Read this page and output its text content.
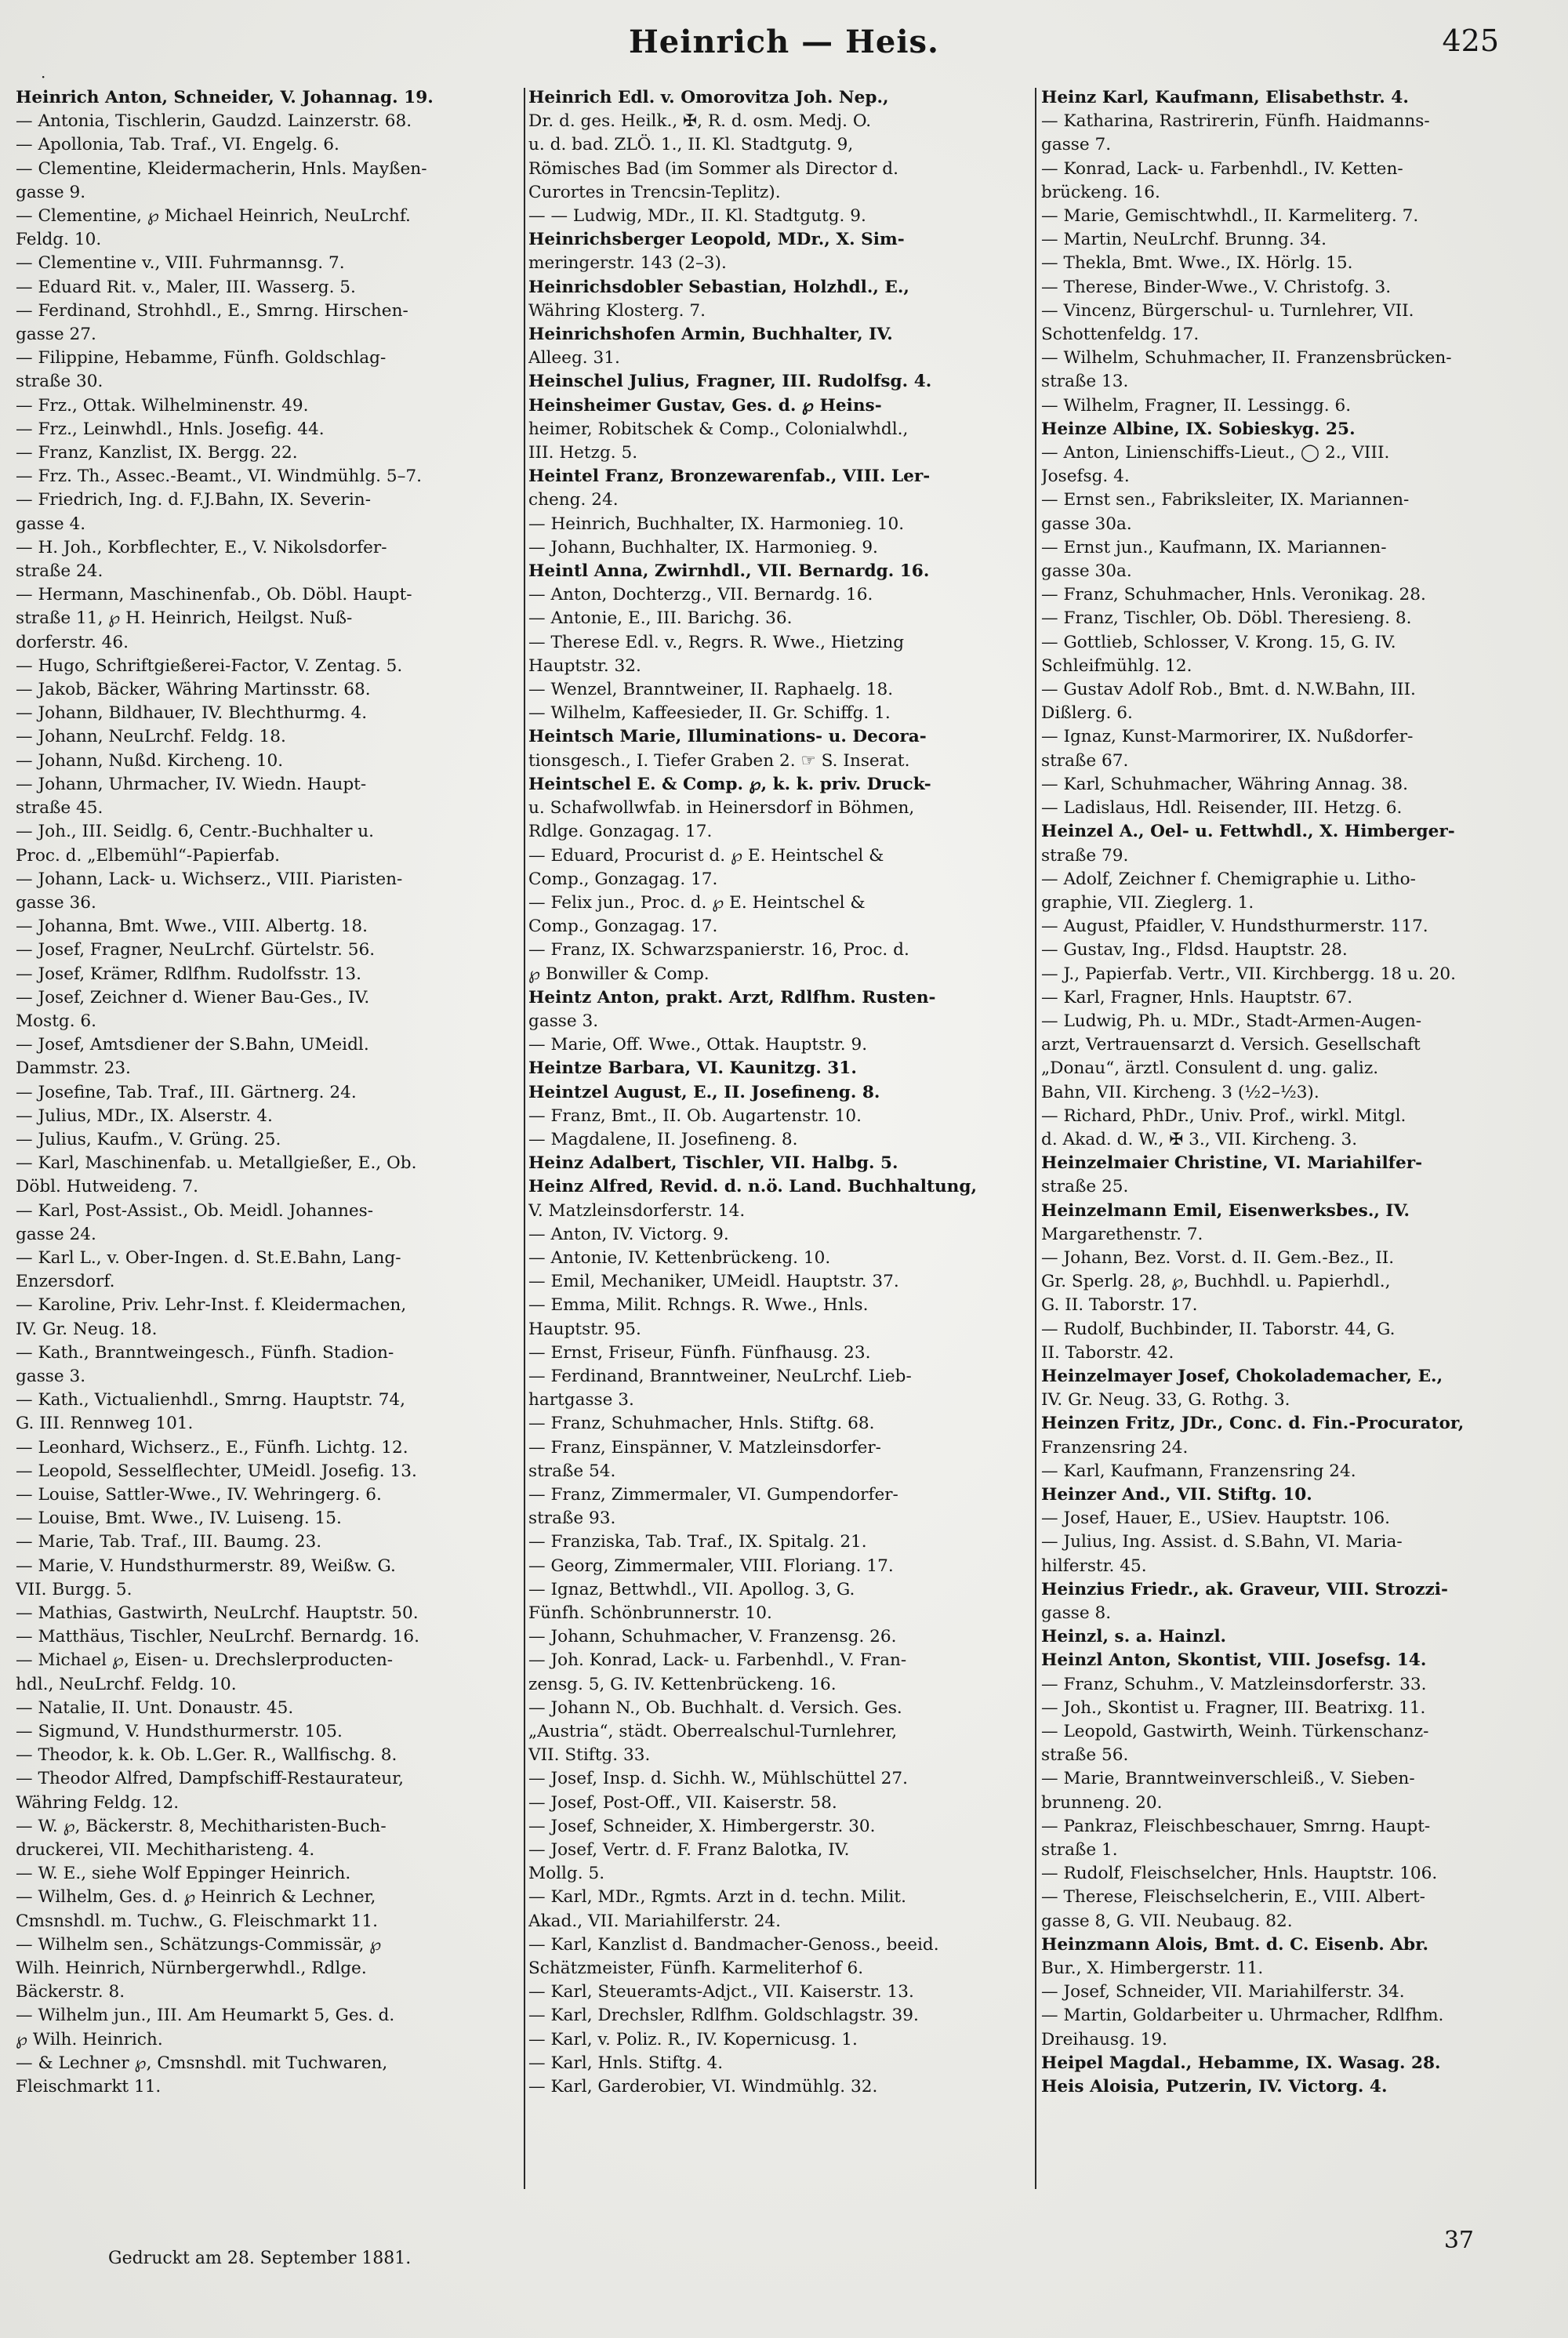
·
Heinrich — Heis.	425
Heinrich Anton, Schneider, V. Johannag. 19.
— Antonia, Tischlerin, Gaudzd. Lainzerstr. 68.
— Apollonia, Tab. Traf., VI. Engelg. 6.
— Clementine, Kleidermacherin, Hnls. Mayßen-
gasse 9.
— Clementine, ℘ Michael Heinrich, NeuLrchf.
Feldg. 10.
— Clementine v., VIII. Fuhrmannsg. 7.
— Eduard Rit. v., Maler, III. Wasserg. 5.
— Ferdinand, Strohhdl., E., Smrng. Hirschen-
gasse 27.
— Filippine, Hebamme, Fünfh. Goldschlag-
straße 30.
— Frz., Ottak. Wilhelminenstr. 49.
— Frz., Leinwhdl., Hnls. Josefig. 44.
— Franz, Kanzlist, IX. Bergg. 22.
— Frz. Th., Assec.-Beamt., VI. Windmühlg. 5–7.
— Friedrich, Ing. d. F.J.Bahn, IX. Severin-
gasse 4.
— H. Joh., Korbflechter, E., V. Nikolsdorfer-
straße 24.
— Hermann, Maschinenfab., Ob. Döbl. Haupt-
straße 11, ℘ H. Heinrich, Heilgst. Nuß-
dorferstr. 46.
— Hugo, Schriftgießerei-Factor, V. Zentag. 5.
— Jakob, Bäcker, Währing Martinsstr. 68.
— Johann, Bildhauer, IV. Blechthurmg. 4.
— Johann, NeuLrchf. Feldg. 18.
— Johann, Nußd. Kircheng. 10.
— Johann, Uhrmacher, IV. Wiedn. Haupt-
straße 45.
— Joh., III. Seidlg. 6, Centr.-Buchhalter u.
Proc. d. „Elbemühl“-Papierfab.
— Johann, Lack- u. Wichserz., VIII. Piaristen-
gasse 36.
— Johanna, Bmt. Wwe., VIII. Albertg. 18.
— Josef, Fragner, NeuLrchf. Gürtelstr. 56.
— Josef, Krämer, Rdlfhm. Rudolfsstr. 13.
— Josef, Zeichner d. Wiener Bau-Ges., IV.
Mostg. 6.
— Josef, Amtsdiener der S.Bahn, UMeidl.
Dammstr. 23.
— Josefine, Tab. Traf., III. Gärtnerg. 24.
— Julius, MDr., IX. Alserstr. 4.
— Julius, Kaufm., V. Grüng. 25.
— Karl, Maschinenfab. u. Metallgießer, E., Ob.
Döbl. Hutweideng. 7.
— Karl, Post-Assist., Ob. Meidl. Johannes-
gasse 24.
— Karl L., v. Ober-Ingen. d. St.E.Bahn, Lang-
Enzersdorf.
— Karoline, Priv. Lehr-Inst. f. Kleidermachen,
IV. Gr. Neug. 18.
— Kath., Branntweingesch., Fünfh. Stadion-
gasse 3.
— Kath., Victualienhdl., Smrng. Hauptstr. 74,
G. III. Rennweg 101.
— Leonhard, Wichserz., E., Fünfh. Lichtg. 12.
— Leopold, Sesselflechter, UMeidl. Josefig. 13.
— Louise, Sattler-Wwe., IV. Wehringerg. 6.
— Louise, Bmt. Wwe., IV. Luiseng. 15.
— Marie, Tab. Traf., III. Baumg. 23.
— Marie, V. Hundsthurmerstr. 89, Weißw. G.
VII. Burgg. 5.
— Mathias, Gastwirth, NeuLrchf. Hauptstr. 50.
— Matthäus, Tischler, NeuLrchf. Bernardg. 16.
— Michael ℘, Eisen- u. Drechslerproducten-
hdl., NeuLrchf. Feldg. 10.
— Natalie, II. Unt. Donaustr. 45.
— Sigmund, V. Hundsthurmerstr. 105.
— Theodor, k. k. Ob. L.Ger. R., Wallfischg. 8.
— Theodor Alfred, Dampfschiff-Restaurateur,
Währing Feldg. 12.
— W. ℘, Bäckerstr. 8, Mechitharisten-Buch-
druckerei, VII. Mechitharisteng. 4.
— W. E., siehe Wolf Eppinger Heinrich.
— Wilhelm, Ges. d. ℘ Heinrich & Lechner,
Cmsnshdl. m. Tuchw., G. Fleischmarkt 11.
— Wilhelm sen., Schätzungs-Commissär, ℘
Wilh. Heinrich, Nürnbergerwhdl., Rdlge.
Bäckerstr. 8.
— Wilhelm jun., III. Am Heumarkt 5, Ges. d.
℘ Wilh. Heinrich.
— & Lechner ℘, Cmsnshdl. mit Tuchwaren,
Fleischmarkt 11.
Heinrich Edl. v. Omorovitza Joh. Nep.,
Dr. d. ges. Heilk., ✠, R. d. osm. Medj. O.
u. d. bad. ZLÖ. 1., II. Kl. Stadtgutg. 9,
Römisches Bad (im Sommer als Director d.
Curortes in Trencsin-Teplitz).
— — Ludwig, MDr., II. Kl. Stadtgutg. 9.
Heinrichsberger Leopold, MDr., X. Sim-
meringerstr. 143 (2–3).
Heinrichsdobler Sebastian, Holzhdl., E.,
Währing Klosterg. 7.
Heinrichshofen Armin, Buchhalter, IV.
Alleeg. 31.
Heinschel Julius, Fragner, III. Rudolfsg. 4.
Heinsheimer Gustav, Ges. d. ℘ Heins-
heimer, Robitschek & Comp., Colonialwhdl.,
III. Hetzg. 5.
Heintel Franz, Bronzewarenfab., VIII. Ler-
cheng. 24.
— Heinrich, Buchhalter, IX. Harmonieg. 10.
— Johann, Buchhalter, IX. Harmonieg. 9.
Heintl Anna, Zwirnhdl., VII. Bernardg. 16.
— Anton, Dochterzg., VII. Bernardg. 16.
— Antonie, E., III. Barichg. 36.
— Therese Edl. v., Regrs. R. Wwe., Hietzing
Hauptstr. 32.
— Wenzel, Branntweiner, II. Raphaelg. 18.
— Wilhelm, Kaffeesieder, II. Gr. Schiffg. 1.
Heintsch Marie, Illuminations- u. Decora-
tionsgesch., I. Tiefer Graben 2. ☞ S. Inserat.
Heintschel E. & Comp. ℘, k. k. priv. Druck-
u. Schafwollwfab. in Heinersdorf in Böhmen,
Rdlge. Gonzagag. 17.
— Eduard, Procurist d. ℘ E. Heintschel &
Comp., Gonzagag. 17.
— Felix jun., Proc. d. ℘ E. Heintschel &
Comp., Gonzagag. 17.
— Franz, IX. Schwarzspanierstr. 16, Proc. d.
℘ Bonwiller & Comp.
Heintz Anton, prakt. Arzt, Rdlfhm. Rusten-
gasse 3.
— Marie, Off. Wwe., Ottak. Hauptstr. 9.
Heintze Barbara, VI. Kaunitzg. 31.
Heintzel August, E., II. Josefineng. 8.
— Franz, Bmt., II. Ob. Augartenstr. 10.
— Magdalene, II. Josefineng. 8.
Heinz Adalbert, Tischler, VII. Halbg. 5.
Heinz Alfred, Revid. d. n.ö. Land. Buchhaltung,
V. Matzleinsdorferstr. 14.
— Anton, IV. Victorg. 9.
— Antonie, IV. Kettenbrückeng. 10.
— Emil, Mechaniker, UMeidl. Hauptstr. 37.
— Emma, Milit. Rchngs. R. Wwe., Hnls.
Hauptstr. 95.
— Ernst, Friseur, Fünfh. Fünfhausg. 23.
— Ferdinand, Branntweiner, NeuLrchf. Lieb-
hartgasse 3.
— Franz, Schuhmacher, Hnls. Stiftg. 68.
— Franz, Einspänner, V. Matzleinsdorfer-
straße 54.
— Franz, Zimmermaler, VI. Gumpendorfer-
straße 93.
— Franziska, Tab. Traf., IX. Spitalg. 21.
— Georg, Zimmermaler, VIII. Floriang. 17.
— Ignaz, Bettwhdl., VII. Apollog. 3, G.
Fünfh. Schönbrunnerstr. 10.
— Johann, Schuhmacher, V. Franzensg. 26.
— Joh. Konrad, Lack- u. Farbenhdl., V. Fran-
zensg. 5, G. IV. Kettenbrückeng. 16.
— Johann N., Ob. Buchhalt. d. Versich. Ges.
„Austria“, städt. Oberrealschul-Turnlehrer,
VII. Stiftg. 33.
— Josef, Insp. d. Sichh. W., Mühlschüttel 27.
— Josef, Post-Off., VII. Kaiserstr. 58.
— Josef, Schneider, X. Himbergerstr. 30.
— Josef, Vertr. d. F. Franz Balotka, IV.
Mollg. 5.
— Karl, MDr., Rgmts. Arzt in d. techn. Milit.
Akad., VII. Mariahilferstr. 24.
— Karl, Kanzlist d. Bandmacher-Genoss., beeid.
Schätzmeister, Fünfh. Karmeliterhof 6.
— Karl, Steueramts-Adjct., VII. Kaiserstr. 13.
— Karl, Drechsler, Rdlfhm. Goldschlagstr. 39.
— Karl, v. Poliz. R., IV. Kopernicusg. 1.
— Karl, Hnls. Stiftg. 4.
— Karl, Garderobier, VI. Windmühlg. 32.
Heinz Karl, Kaufmann, Elisabethstr. 4.
— Katharina, Rastrirerin, Fünfh. Haidmanns-
gasse 7.
— Konrad, Lack- u. Farbenhdl., IV. Ketten-
brückeng. 16.
— Marie, Gemischtwhdl., II. Karmeliterg. 7.
— Martin, NeuLrchf. Brunng. 34.
— Thekla, Bmt. Wwe., IX. Hörlg. 15.
— Therese, Binder-Wwe., V. Christofg. 3.
— Vincenz, Bürgerschul- u. Turnlehrer, VII.
Schottenfeldg. 17.
— Wilhelm, Schuhmacher, II. Franzensbrücken-
straße 13.
— Wilhelm, Fragner, II. Lessingg. 6.
Heinze Albine, IX. Sobieskyg. 25.
— Anton, Linienschiffs-Lieut., ◯ 2., VIII.
Josefsg. 4.
— Ernst sen., Fabriksleiter, IX. Mariannen-
gasse 30a.
— Ernst jun., Kaufmann, IX. Mariannen-
gasse 30a.
— Franz, Schuhmacher, Hnls. Veronikag. 28.
— Franz, Tischler, Ob. Döbl. Theresieng. 8.
— Gottlieb, Schlosser, V. Krong. 15, G. IV.
Schleifmühlg. 12.
— Gustav Adolf Rob., Bmt. d. N.W.Bahn, III.
Dißlerg. 6.
— Ignaz, Kunst-Marmorirer, IX. Nußdorfer-
straße 67.
— Karl, Schuhmacher, Währing Annag. 38.
— Ladislaus, Hdl. Reisender, III. Hetzg. 6.
Heinzel A., Oel- u. Fettwhdl., X. Himberger-
straße 79.
— Adolf, Zeichner f. Chemigraphie u. Litho-
graphie, VII. Zieglerg. 1.
— August, Pfaidler, V. Hundsthurmerstr. 117.
— Gustav, Ing., Fldsd. Hauptstr. 28.
— J., Papierfab. Vertr., VII. Kirchbergg. 18 u. 20.
— Karl, Fragner, Hnls. Hauptstr. 67.
— Ludwig, Ph. u. MDr., Stadt-Armen-Augen-
arzt, Vertrauensarzt d. Versich. Gesellschaft
„Donau“, ärztl. Consulent d. ung. galiz.
Bahn, VII. Kircheng. 3 (½2–½3).
— Richard, PhDr., Univ. Prof., wirkl. Mitgl.
d. Akad. d. W., ✠ 3., VII. Kircheng. 3.
Heinzelmaier Christine, VI. Mariahilfer-
straße 25.
Heinzelmann Emil, Eisenwerksbes., IV.
Margarethenstr. 7.
— Johann, Bez. Vorst. d. II. Gem.-Bez., II.
Gr. Sperlg. 28, ℘, Buchhdl. u. Papierhdl.,
G. II. Taborstr. 17.
— Rudolf, Buchbinder, II. Taborstr. 44, G.
II. Taborstr. 42.
Heinzelmayer Josef, Chokolademacher, E.,
IV. Gr. Neug. 33, G. Rothg. 3.
Heinzen Fritz, JDr., Conc. d. Fin.-Procurator,
Franzensring 24.
— Karl, Kaufmann, Franzensring 24.
Heinzer And., VII. Stiftg. 10.
— Josef, Hauer, E., USiev. Hauptstr. 106.
— Julius, Ing. Assist. d. S.Bahn, VI. Maria-
hilferstr. 45.
Heinzius Friedr., ak. Graveur, VIII. Strozzi-
gasse 8.
Heinzl, s. a. Hainzl.
Heinzl Anton, Skontist, VIII. Josefsg. 14.
— Franz, Schuhm., V. Matzleinsdorferstr. 33.
— Joh., Skontist u. Fragner, III. Beatrixg. 11.
— Leopold, Gastwirth, Weinh. Türkenschanz-
straße 56.
— Marie, Branntweinverschleiß., V. Sieben-
brunneng. 20.
— Pankraz, Fleischbeschauer, Smrng. Haupt-
straße 1.
— Rudolf, Fleischselcher, Hnls. Hauptstr. 106.
— Therese, Fleischselcherin, E., VIII. Albert-
gasse 8, G. VII. Neubaug. 82.
Heinzmann Alois, Bmt. d. C. Eisenb. Abr.
Bur., X. Himbergerstr. 11.
— Josef, Schneider, VII. Mariahilferstr. 34.
— Martin, Goldarbeiter u. Uhrmacher, Rdlfhm.
Dreihausg. 19.
Heipel Magdal., Hebamme, IX. Wasag. 28.
Heis Aloisia, Putzerin, IV. Victorg. 4.
Gedruckt am 28. September 1881.
37
